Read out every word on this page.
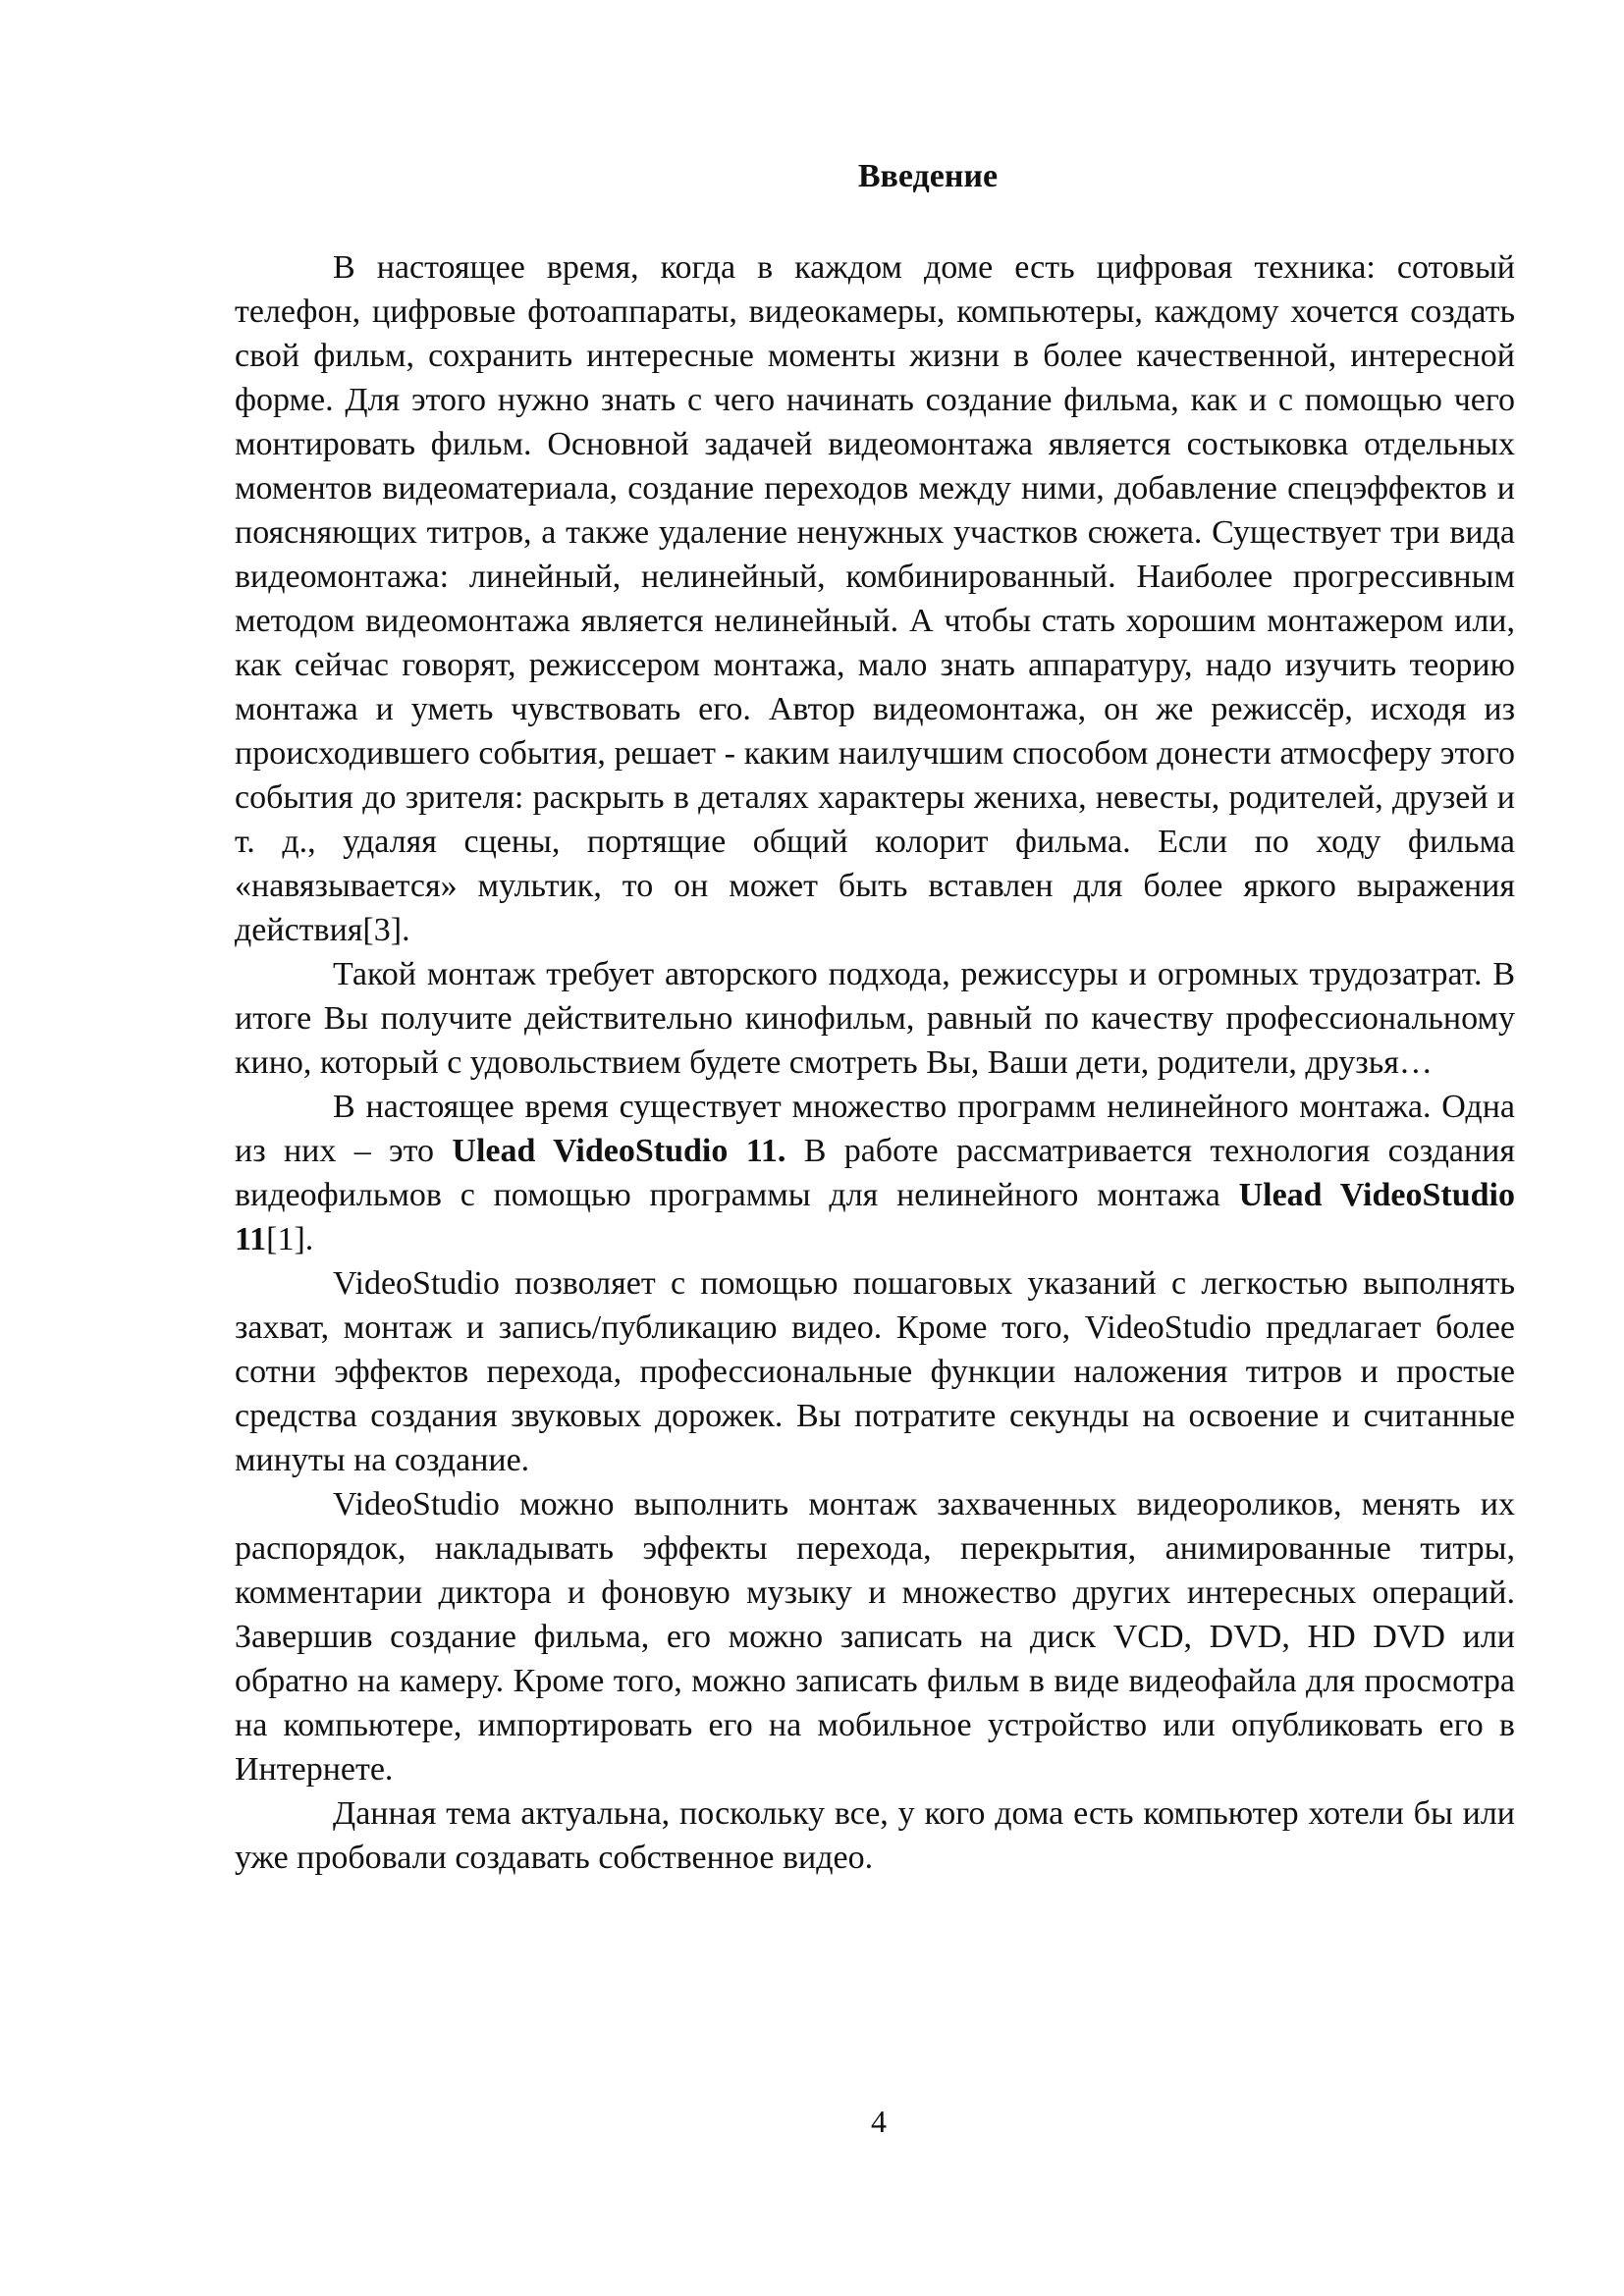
Введение

В настоящее время, когда в каждом доме есть цифровая техника: сотовый телефон, цифровые фотоаппараты, видеокамеры, компьютеры, каждому хочется создать свой фильм, сохранить интересные моменты жизни в более качественной, интересной форме. Для этого нужно знать с чего начинать создание фильма, как и с помощью чего монтировать фильм. Основной задачей видеомонтажа является состыковка отдельных моментов видеоматериала, создание переходов между ними, добавление спецэффектов и поясняющих титров, а также удаление ненужных участков сюжета. Существует три вида видеомонтажа: линейный, нелинейный, комбинированный. Наиболее прогрессивным методом видеомонтажа является нелинейный. А чтобы стать хорошим монтажером или, как сейчас говорят, режиссером монтажа, мало знать аппаратуру, надо изучить теорию монтажа и уметь чувствовать его. Автор видеомонтажа, он же режиссёр, исходя из происходившего события, решает - каким наилучшим способом донести атмосферу этого события до зрителя: раскрыть в деталях характеры жениха, невесты, родителей, друзей и т. д., удаляя сцены, портящие общий колорит фильма. Если по ходу фильма «навязывается» мультик, то он может быть вставлен для более яркого выражения действия[3].

Такой монтаж требует авторского подхода, режиссуры и огромных трудозатрат. В итоге Вы получите действительно кинофильм, равный по качеству профессиональному кино, который с удовольствием будете смотреть Вы, Ваши дети, родители, друзья…

В настоящее время существует множество программ нелинейного монтажа. Одна из них – это Ulead VideoStudio 11. В работе рассматривается технология создания видеофильмов с помощью программы для нелинейного монтажа Ulead VideoStudio 11[1].

VideoStudio позволяет с помощью пошаговых указаний с легкостью выполнять захват, монтаж и запись/публикацию видео. Кроме того, VideoStudio предлагает более сотни эффектов перехода, профессиональные функции наложения титров и простые средства создания звуковых дорожек. Вы потратите секунды на освоение и считанные минуты на создание.

VideoStudio можно выполнить монтаж захваченных видеороликов, менять их распорядок, накладывать эффекты перехода, перекрытия, анимированные титры, комментарии диктора и фоновую музыку и множество других интересных операций. Завершив создание фильма, его можно записать на диск VCD, DVD, HD DVD или обратно на камеру. Кроме того, можно записать фильм в виде видеофайла для просмотра на компьютере, импортировать его на мобильное устройство или опубликовать его в Интернете.

Данная тема актуальна, поскольку все, у кого дома есть компьютер хотели бы или уже пробовали создавать собственное видео.

4
